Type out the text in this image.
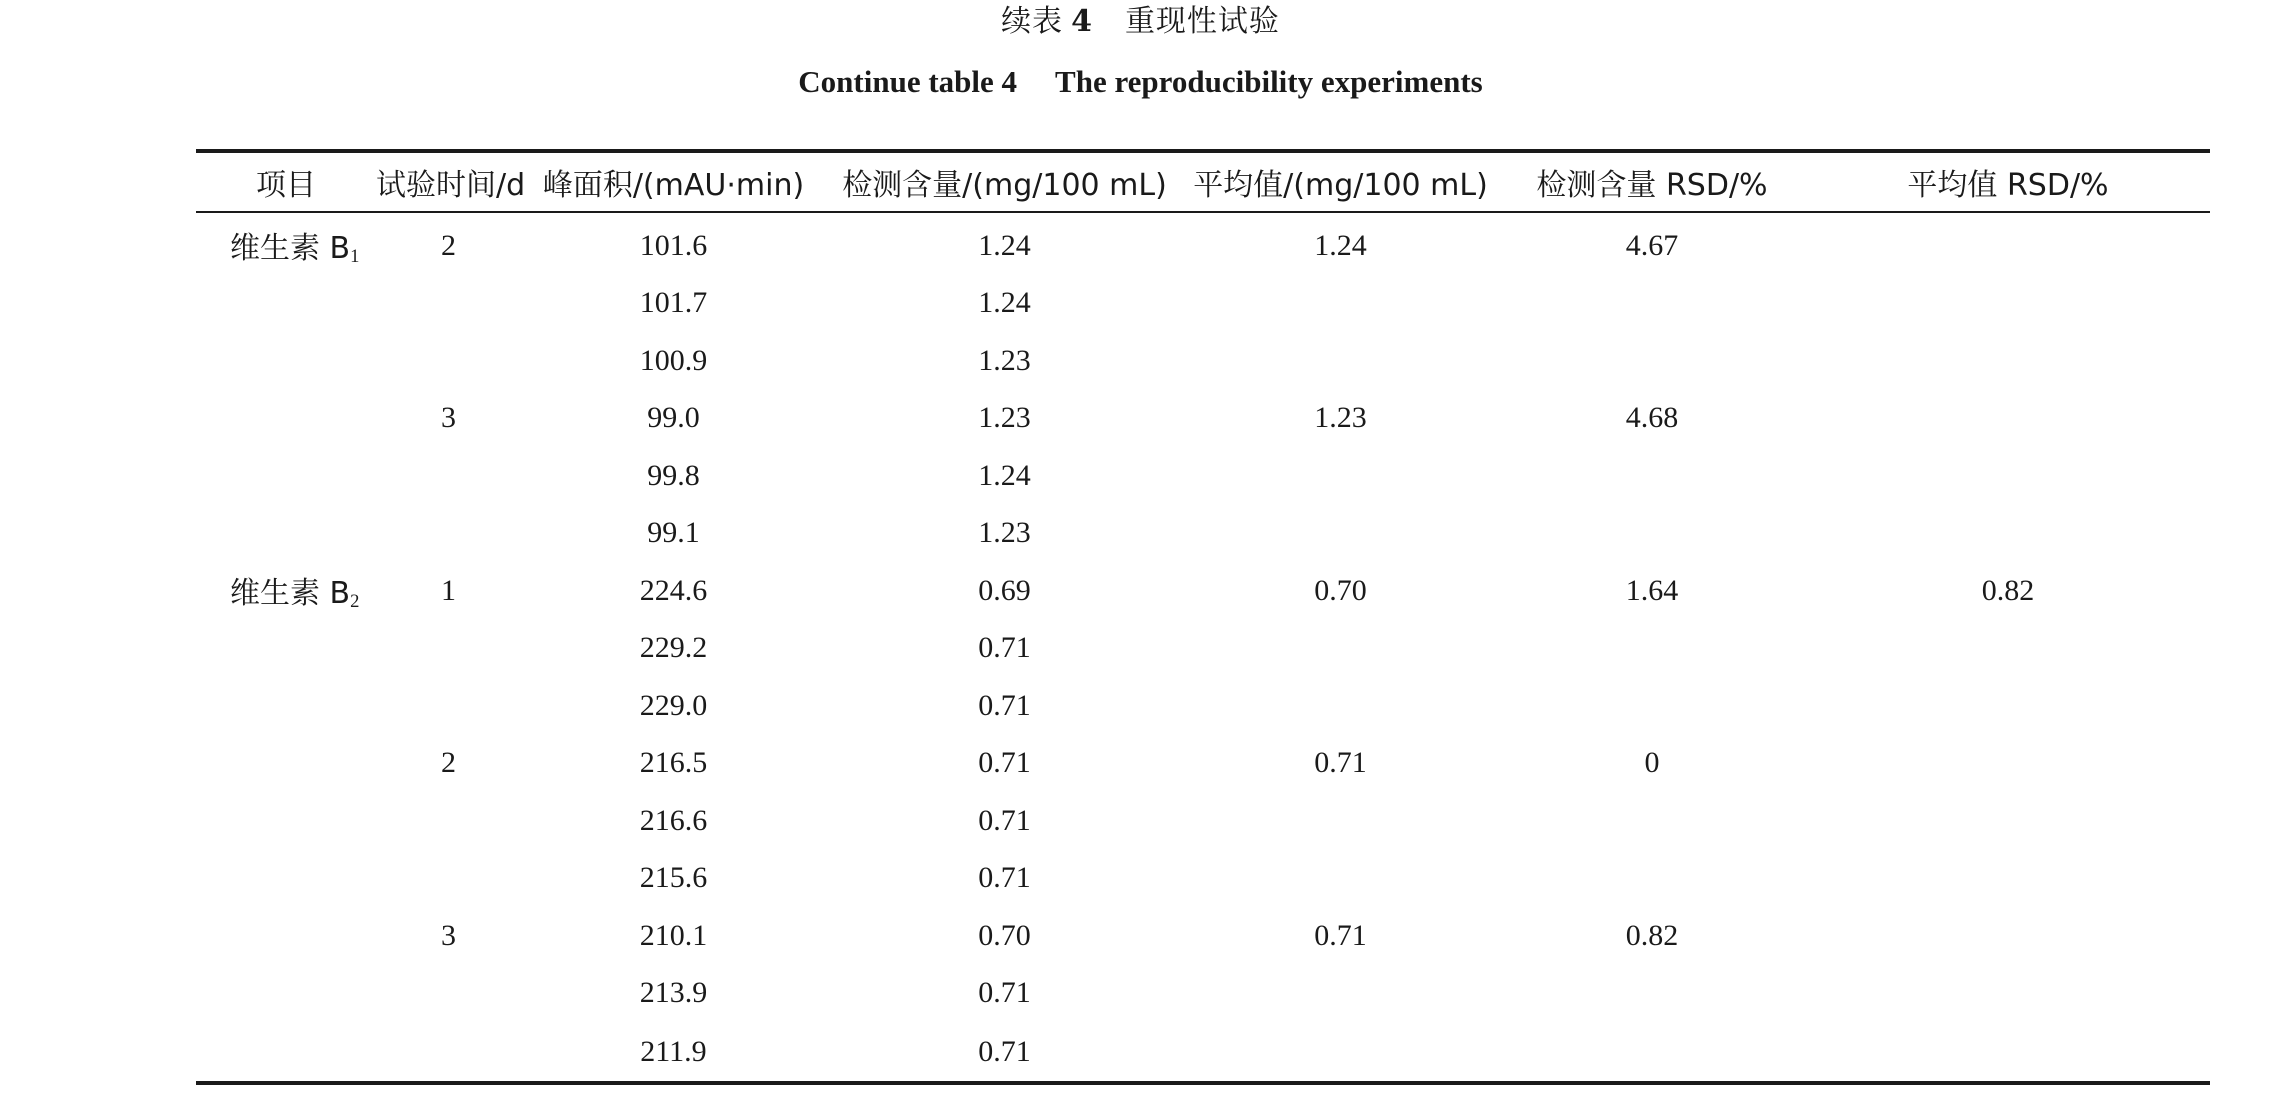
续表 4 重现性试验
Continue table 4 The reproducibility experiments
项目	试验时间/d	峰面积/(mAU·min)	检测含量/(mg/100 mL)	平均值/(mg/100 mL)	检测含量 RSD/%	平均值 RSD/%
维生素 $B_1$	2	101.6	1.24	1.24	4.67	
		101.7	1.24			
		100.9	1.23			
	3	99.0	1.23	1.23	4.68	
		99.8	1.24			
		99.1	1.23			
维生素 $B_2$	1	224.6	0.69	0.70	1.64	0.82
		229.2	0.71			
		229.0	0.71			
	2	216.5	0.71	0.71	0	
		216.6	0.71			
		215.6	0.71			
	3	210.1	0.70	0.71	0.82	
		213.9	0.71			
		211.9	0.71			
